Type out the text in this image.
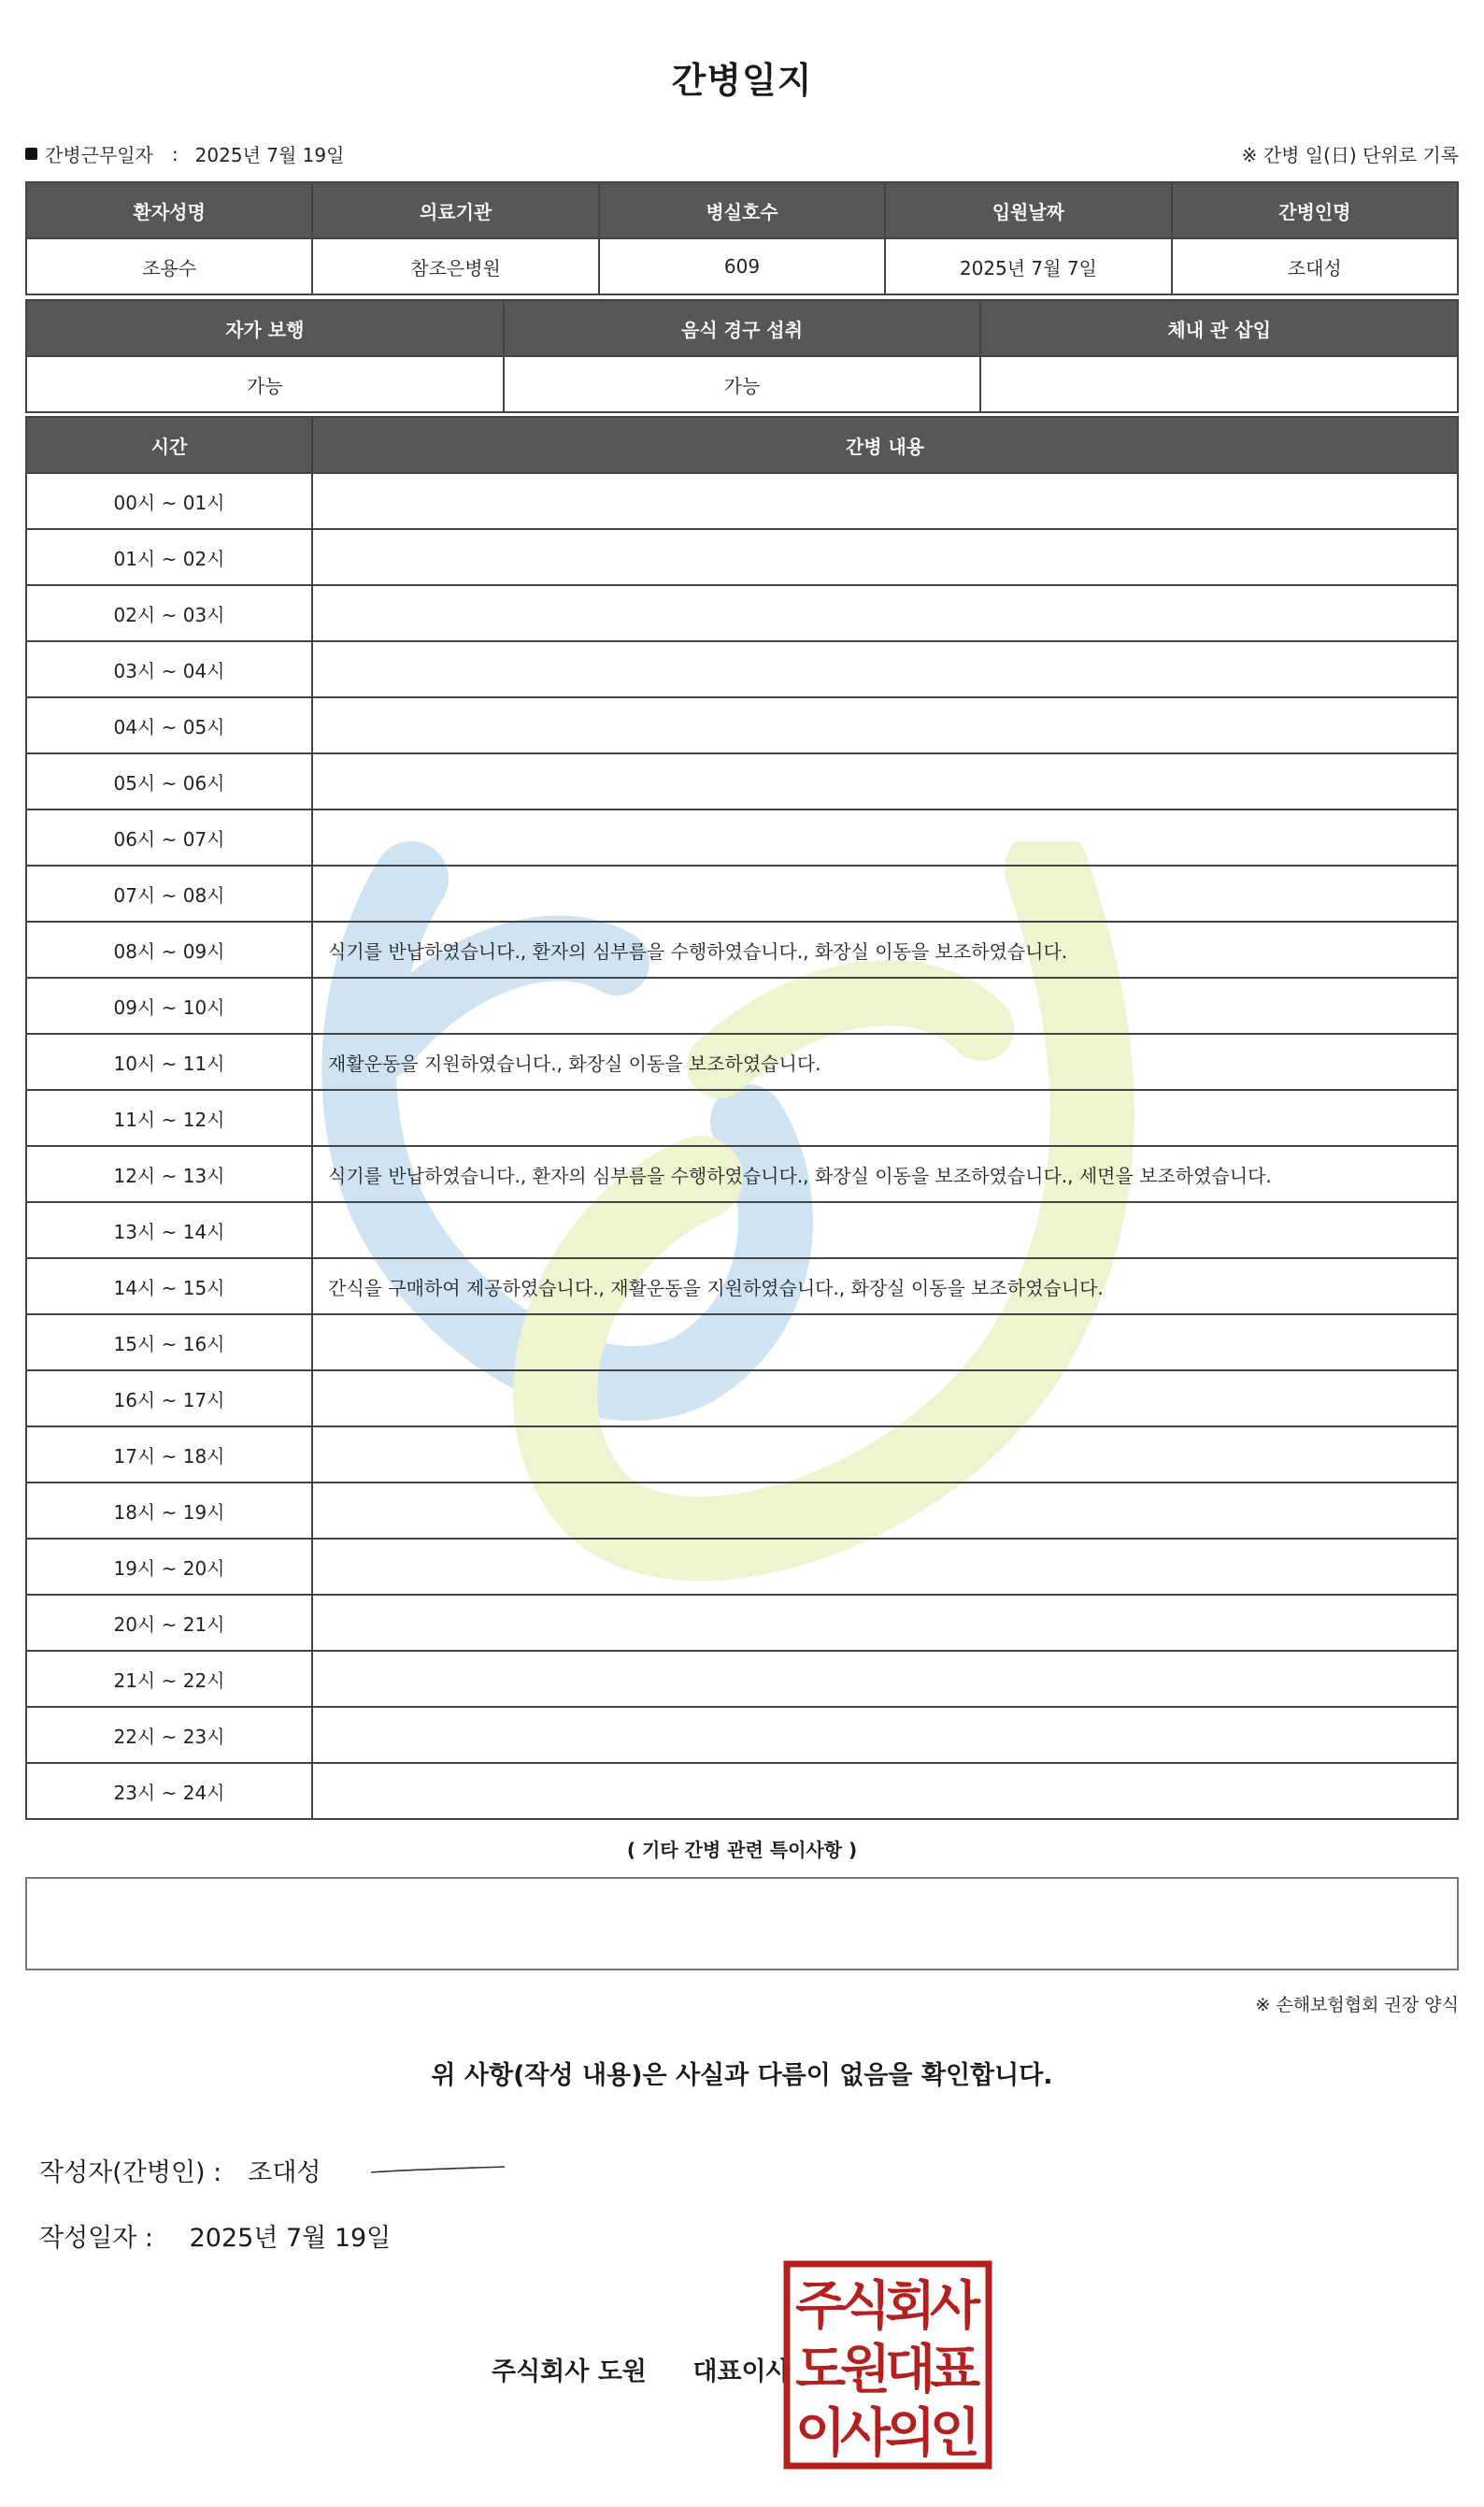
간병일지
간병근무일자 : 2025년 7월 19일	※ 간병 일(日) 단위로 기록
환자성명	의료기관	병실호수	입원날짜	간병인명
조용수	참조은병원	609	2025년 7월 7일	조대성
자가 보행	음식 경구 섭취	체내 관 삽입
가능	가능	
시간	간병 내용
00시 ~ 01시	
01시 ~ 02시	
02시 ~ 03시	
03시 ~ 04시	
04시 ~ 05시	
05시 ~ 06시	
06시 ~ 07시	
07시 ~ 08시	
08시 ~ 09시	식기를 반납하였습니다., 환자의 심부름을 수행하였습니다., 화장실 이동을 보조하였습니다.
09시 ~ 10시	
10시 ~ 11시	재활운동을 지원하였습니다., 화장실 이동을 보조하였습니다.
11시 ~ 12시	
12시 ~ 13시	식기를 반납하였습니다., 환자의 심부름을 수행하였습니다., 화장실 이동을 보조하였습니다., 세면을 보조하였습니다.
13시 ~ 14시	
14시 ~ 15시	간식을 구매하여 제공하였습니다., 재활운동을 지원하였습니다., 화장실 이동을 보조하였습니다.
15시 ~ 16시	
16시 ~ 17시	
17시 ~ 18시	
18시 ~ 19시	
19시 ~ 20시	
20시 ~ 21시	
21시 ~ 22시	
22시 ~ 23시	
23시 ~ 24시	
( 기타 간병 관련 특이사항 )
※ 손해보험협회 권장 양식
위 사항(작성 내용)은 사실과 다름이 없음을 확인합니다.
작성자(간병인) : 조대성
작성일자 : 2025년 7월 19일
주식회사 도원 대표이사
주
식
회
사
도
원
대
표
이
사
의
인
